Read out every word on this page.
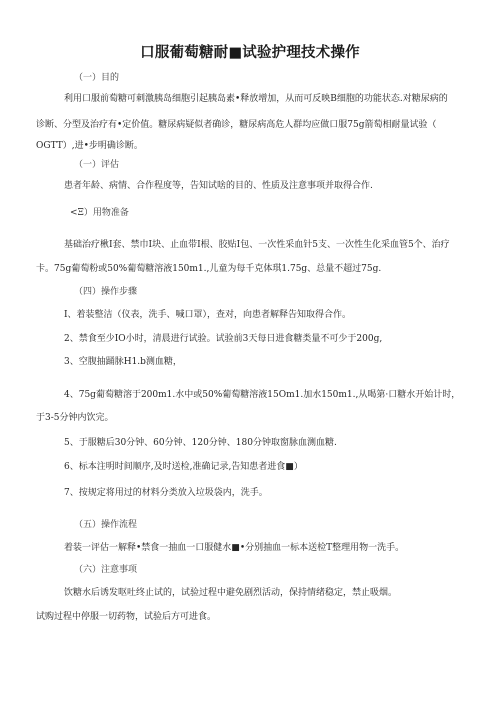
口服葡萄糖耐■试验护理技术操作
（一）目的
利用口服前萄糖可刺激胰岛细胞引起胰岛素•释放增加，从而可反映B细胞的功能状态.对糖尿病的
诊断、分型及治疗有•定价值。糖尿病疑似者确诊，糖尿病高危人群均应做口服75g箭萄相耐量试验（
OGTT）,进•步明确诊断。
（一）评估
患者年龄、病情、合作程度等，告知试啥的目的、性质及注意事项并取得合作.
<Ξ）用物准备
基础治疗楸I套、禁巾I块、止血带I根、胶贴I包、一次性采血针5支、一次性生化采血管5个、治疗
卡。75g葡萄粉或50%葡萄糖溶液150m1.,儿童为每千克体琪1.75g、总量不超过75g.
（四）操作步骤
I、着装整洁（仪表，洗手、喊口罩），查对，向患者解释告知取得合作。
2、禁食至少IO小时，清晨进行试验。试验前3天每日进食糖类量不可少于200g,
3、空腹抽踊脉H1.b测血糖，
4、75g葡萄糖溶于200m1.水中或50%葡萄糖溶液15Om1.加水150m1.,从喝第·口糖水开始计时，
于3-5分钟内饮完。
5、于服糖后30分钟、60分钟、120分钟、180分钟取窗脉血测血糖.
6、标本注明时间顺序,及时送检,准确记录,告知患者进食■）
7、按规定将用过的材料分类放入垃圾袋内，洗手。
（五）操作流程
着装一评估一解释•禁食一抽血一口服健水■•分别抽血一标本送检T整理用物一洗手。
（六）注意事项
饮糖水后诱发呕吐终止试的，试验过程中避免剧烈活动，保持情绪稳定，禁止吸烟。
试购过程中停服一切药物，试验后方可进食。
